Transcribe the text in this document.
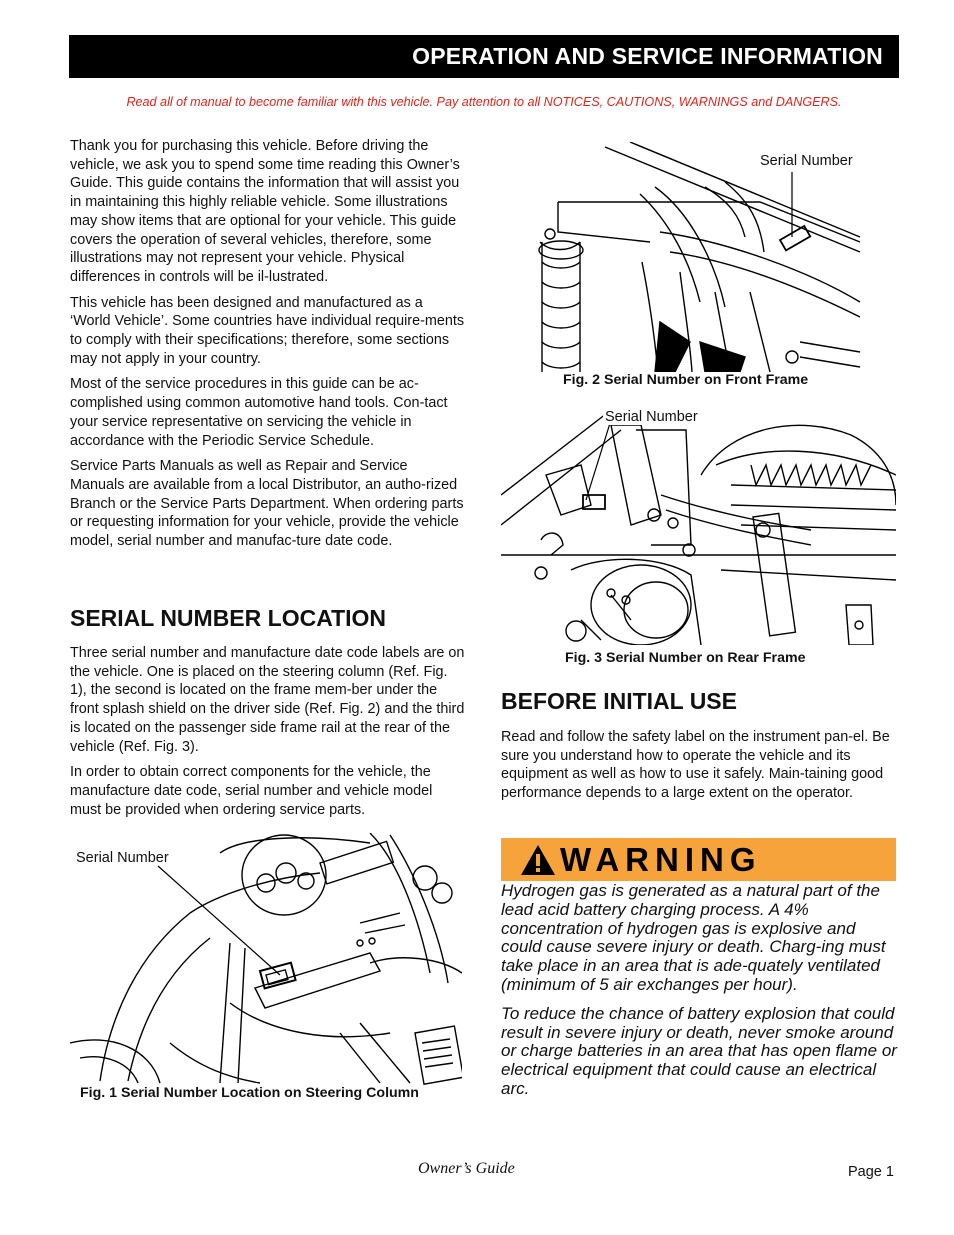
OPERATION AND SERVICE INFORMATION
Read all of manual to become familiar with this vehicle. Pay attention to all NOTICES, CAUTIONS, WARNINGS and DANGERS.

Thank you for purchasing this vehicle. Before driving the vehicle, we ask you to spend some time reading this Owner’s Guide. This guide contains the information that will assist you in maintaining this highly reliable vehicle. Some illustrations may show items that are optional for your vehicle. This guide covers the operation of several vehicles, therefore, some illustrations may not represent your vehicle. Physical differences in controls will be il-lustrated.

This vehicle has been designed and manufactured as a ‘World Vehicle’. Some countries have individual require-ments to comply with their specifications; therefore, some sections may not apply in your country.

Most of the service procedures in this guide can be ac-complished using common automotive hand tools. Con-tact your service representative on servicing the vehicle in accordance with the Periodic Service Schedule.

Service Parts Manuals as well as Repair and Service Manuals are available from a local Distributor, an autho-rized Branch or the Service Parts Department. When ordering parts or requesting information for your vehicle, provide the vehicle model, serial number and manufac-ture date code.

SERIAL NUMBER LOCATION

Three serial number and manufacture date code labels are on the vehicle. One is placed on the steering column (Ref. Fig. 1), the second is located on the frame mem-ber under the front splash shield on the driver side (Ref. Fig. 2) and the third is located on the passenger side frame rail at the rear of the vehicle (Ref. Fig. 3).

In order to obtain correct components for the vehicle, the manufacture date code, serial number and vehicle model must be provided when ordering service parts.

Serial Number
Fig. 1 Serial Number Location on Steering Column
Serial Number
Fig. 2 Serial Number on Front Frame
Serial Number
Fig. 3 Serial Number on Rear Frame
BEFORE INITIAL USE

Read and follow the safety label on the instrument pan-el. Be sure you understand how to operate the vehicle and its equipment as well as how to use it safely. Main-taining good performance depends to a large extent on the operator.

WARNING

Hydrogen gas is generated as a natural part of the lead acid battery charging process. A 4% concentration of hydrogen gas is explosive and could cause severe injury or death. Charg-ing must take place in an area that is ade-quately ventilated (minimum of 5 air exchanges per hour).

To reduce the chance of battery explosion that could result in severe injury or death, never smoke around or charge batteries in an area that has open flame or electrical equipment that could cause an electrical arc.

Owner’s Guide	Page 1
